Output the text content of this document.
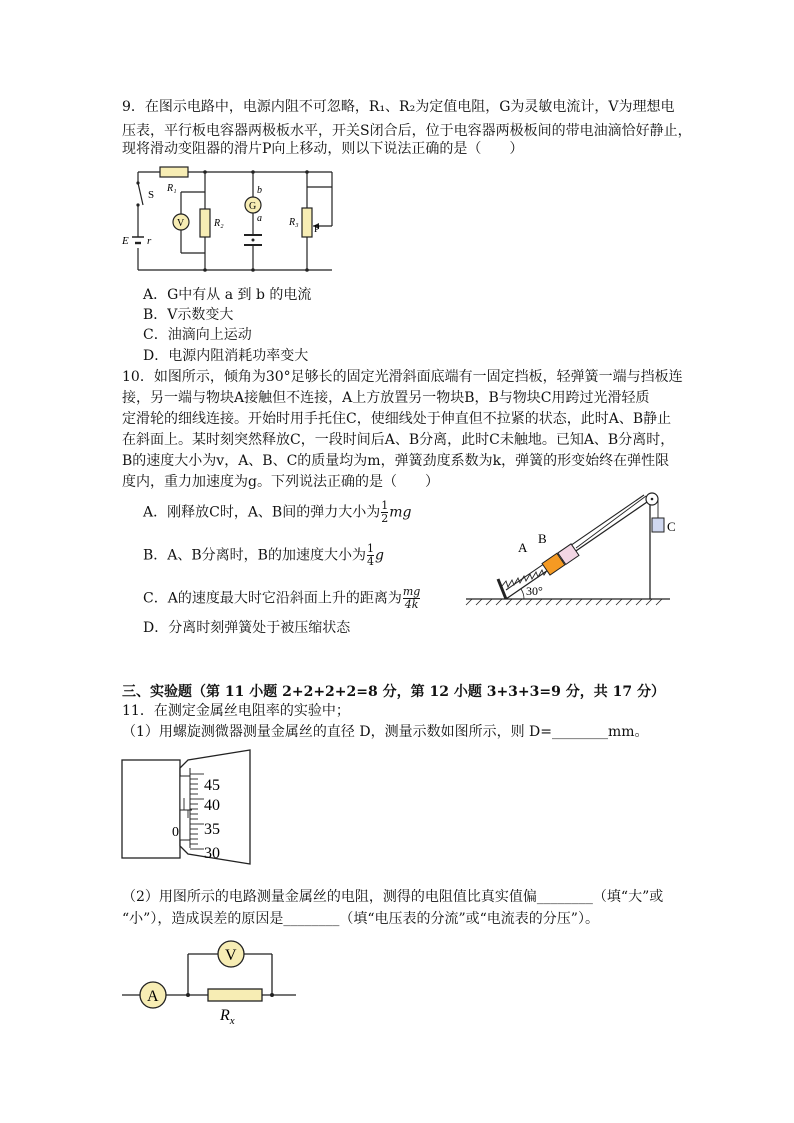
9．在图示电路中，电源内阻不可忽略，R₁、R₂为定值电阻，G为灵敏电流计，V为理想电
压表，平行板电容器两极板水平，开关S闭合后，位于电容器两极板间的带电油滴恰好静止，
现将滑动变阻器的滑片P向上移动，则以下说法正确的是（　　）
S
R₁
R₂	R₃
V
G
a
b
E r
P
A．G中有从 a 到 b 的电流
B．V示数变大
C．油滴向上运动
D．电源内阻消耗功率变大
10．如图所示，倾角为30°足够长的固定光滑斜面底端有一固定挡板，轻弹簧一端与挡板连
接，另一端与物块A接触但不连接，A上方放置另一物块B，B与物块C用跨过光滑轻质
定滑轮的细线连接。开始时用手托住C，使细线处于伸直但不拉紧的状态，此时A、B静止
在斜面上。某时刻突然释放C，一段时间后A、B分离，此时C未触地。已知A、B分离时，
B的速度大小为v，A、B、C的质量均为m，弹簧劲度系数为k，弹簧的形变始终在弹性限
度内，重力加速度为g。下列说法正确的是（　　）
A．刚释放C时，A、B间的弹力大小为 $\frac{1}{2}$ mg
B．A、B分离时，B的加速度大小为 $\frac{1}{4}$ g
C．A的速度最大时它沿斜面上升的距离为 $\frac{mg}{4k}$
D．分离时刻弹簧处于被压缩状态
A
B
C
30°
三、实验题（第 11 小题 2+2+2+2=8 分，第 12 小题 3+3+3=9 分，共 17 分）
11．在测定金属丝电阻率的实验中；
（1）用螺旋测微器测量金属丝的直径 D，测量示数如图所示，则 D=________mm。
0
45
40
35
30
（2）用图所示的电路测量金属丝的电阻，测得的电阻值比真实值偏________（填“大”或
“小”），造成误差的原因是________（填“电压表的分流”或“电流表的分压”）。
A
V
$R_x$
